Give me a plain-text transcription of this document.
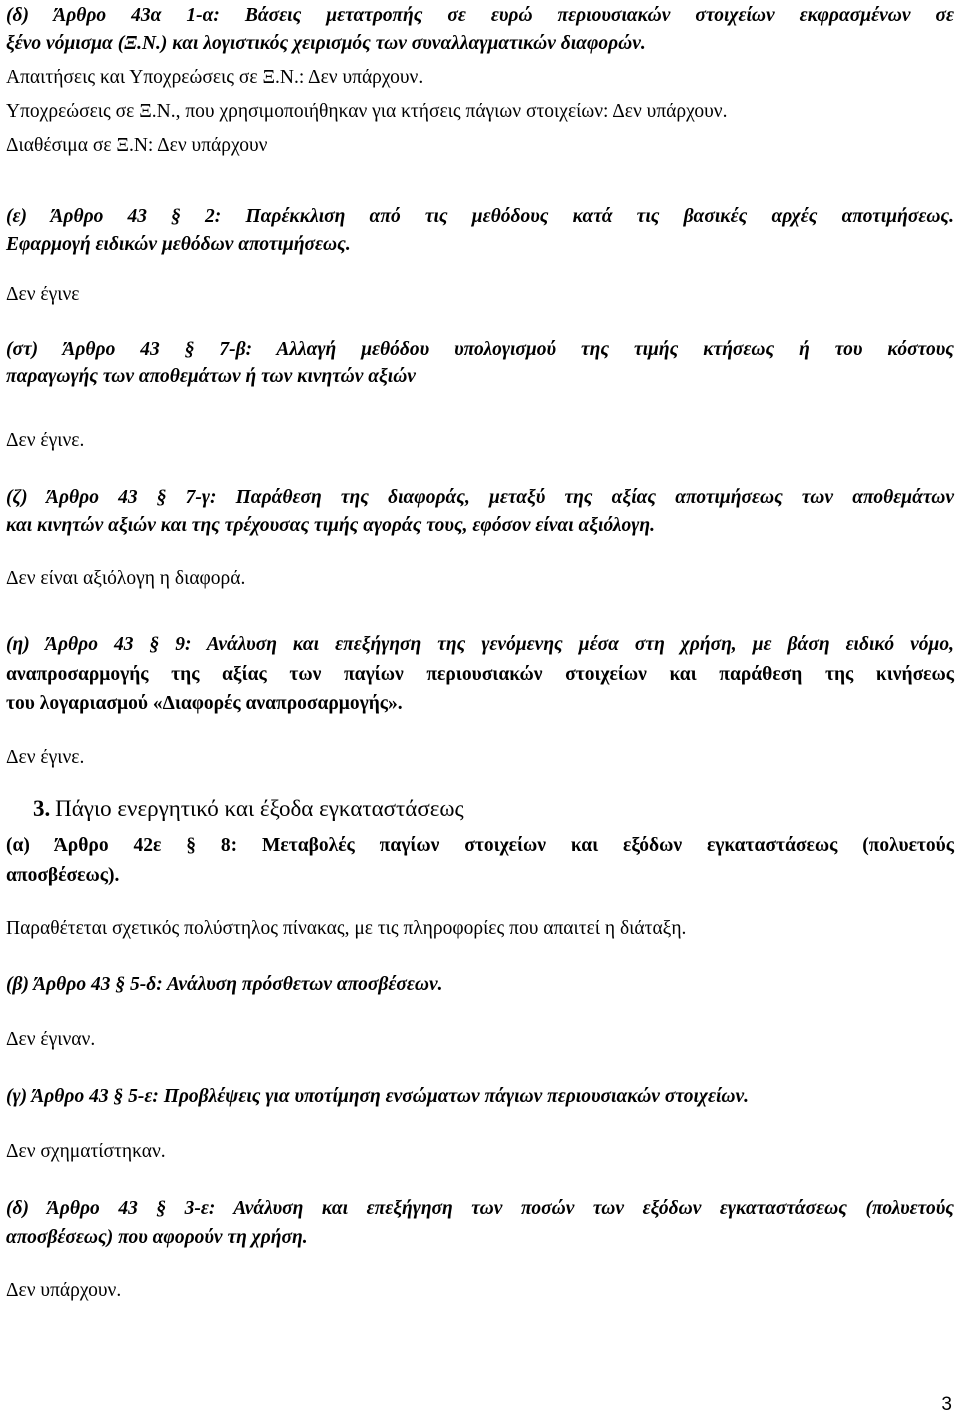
(δ) Άρθρο 43α 1-α: Βάσεις μετατροπής σε ευρώ περιουσιακών στοιχείων εκφρασμένων σε
ξένο νόμισμα (Ξ.Ν.) και λογιστικός χειρισμός των συναλλαγματικών διαφορών.
Απαιτήσεις και Υποχρεώσεις σε Ξ.Ν.: Δεν υπάρχουν.
Υποχρεώσεις σε Ξ.Ν., που χρησιμοποιήθηκαν για κτήσεις πάγιων στοιχείων: Δεν υπάρχουν.
Διαθέσιμα σε Ξ.Ν: Δεν υπάρχουν
(ε) Άρθρο 43 § 2: Παρέκκλιση από τις μεθόδους κατά τις βασικές αρχές αποτιμήσεως.
Εφαρμογή ειδικών μεθόδων αποτιμήσεως.
Δεν έγινε
(στ) Άρθρο 43 § 7-β: Αλλαγή μεθόδου υπολογισμού της τιμής κτήσεως ή του κόστους
παραγωγής των αποθεμάτων ή των κινητών αξιών
Δεν έγινε.
(ζ) Άρθρο 43 § 7-γ: Παράθεση της διαφοράς, μεταξύ της αξίας αποτιμήσεως των αποθεμάτων
και κινητών αξιών και της τρέχουσας τιμής αγοράς τους, εφόσον είναι αξιόλογη.
Δεν είναι αξιόλογη η διαφορά.
(η) Άρθρο 43 § 9: Ανάλυση και επεξήγηση της γενόμενης μέσα στη χρήση, με βάση ειδικό νόμο,
αναπροσαρμογής της αξίας των παγίων περιουσιακών στοιχείων και παράθεση της κινήσεως
του λογαριασμού «Διαφορές αναπροσαρμογής».
Δεν έγινε.
3. Πάγιο ενεργητικό και έξοδα εγκαταστάσεως
(α) Άρθρο 42ε § 8: Μεταβολές παγίων στοιχείων και εξόδων εγκαταστάσεως (πολυετούς
αποσβέσεως).
Παραθέτεται σχετικός πολύστηλος πίνακας, με τις πληροφορίες που απαιτεί η διάταξη.
(β) Άρθρο 43 § 5-δ: Ανάλυση πρόσθετων αποσβέσεων.
Δεν έγιναν.
(γ) Άρθρο 43 § 5-ε: Προβλέψεις για υποτίμηση ενσώματων πάγιων περιουσιακών στοιχείων.
Δεν σχηματίστηκαν.
(δ) Άρθρο 43 § 3-ε: Ανάλυση και επεξήγηση των ποσών των εξόδων εγκαταστάσεως (πολυετούς
αποσβέσεως) που αφορούν τη χρήση.
Δεν υπάρχουν.
3
